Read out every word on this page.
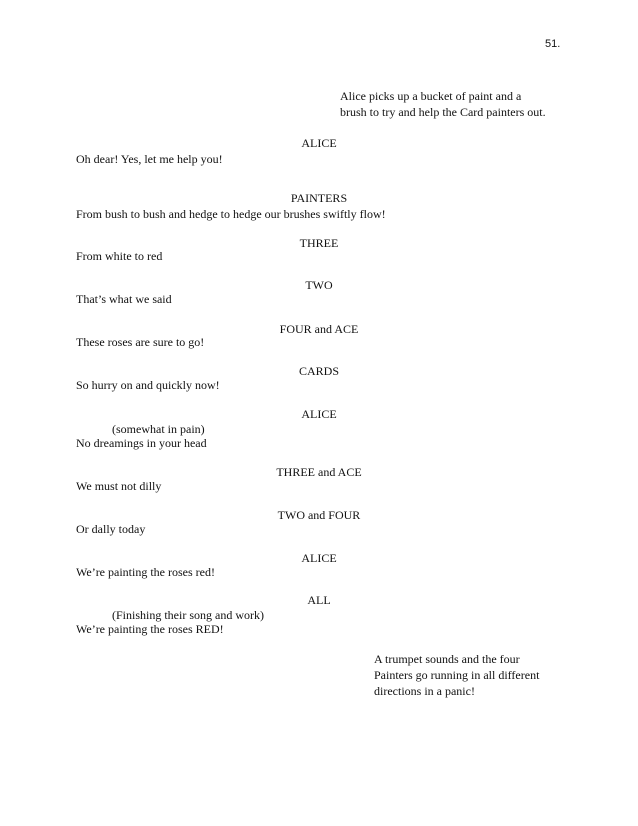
51.
Alice picks up a bucket of paint and a
brush to try and help the Card painters out.
ALICE
Oh dear! Yes, let me help you!
PAINTERS
From bush to bush and hedge to hedge our brushes swiftly flow!
THREE
From white to red
TWO
That’s what we said
FOUR and ACE
These roses are sure to go!
CARDS
So hurry on and quickly now!
ALICE
(somewhat in pain)
No dreamings in your head
THREE and ACE
We must not dilly
TWO and FOUR
Or dally today
ALICE
We’re painting the roses red!
ALL
(Finishing their song and work)
We’re painting the roses RED!
A trumpet sounds and the four
Painters go running in all different
directions in a panic!
